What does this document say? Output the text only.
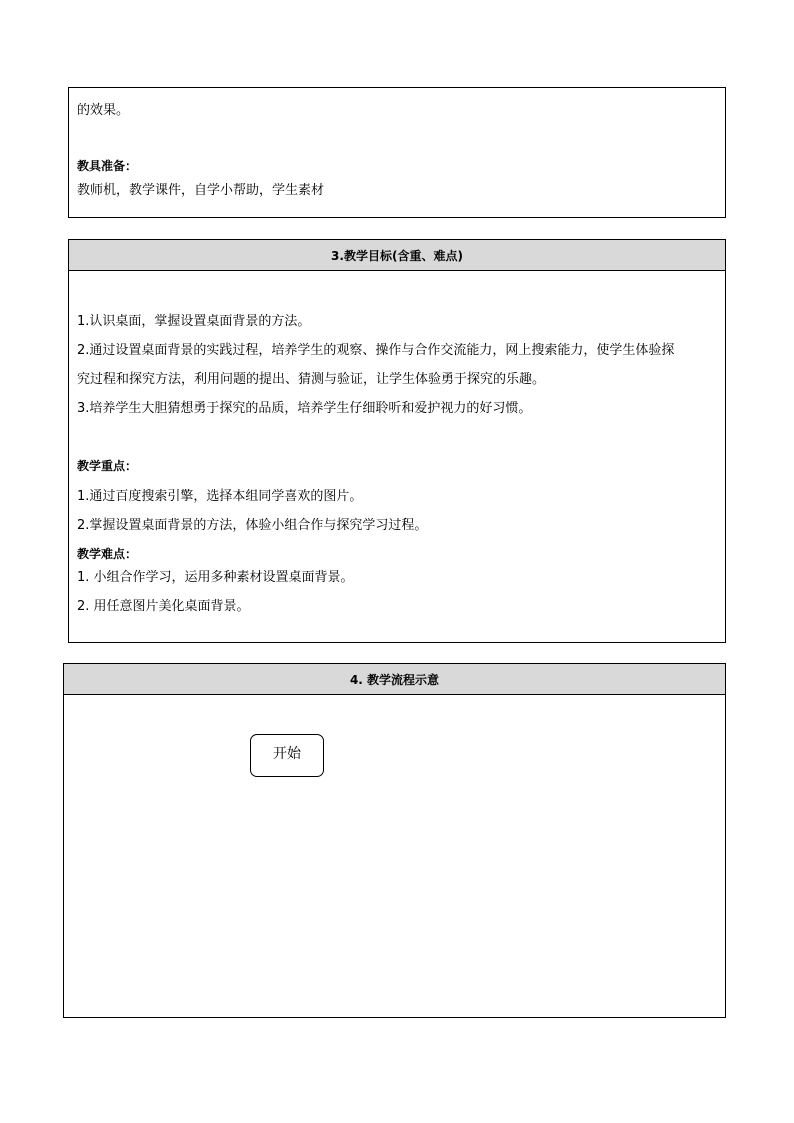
的效果。
教具准备：
教师机，教学课件，自学小帮助，学生素材
3.教学目标(含重、难点)
1.认识桌面，掌握设置桌面背景的方法。
2.通过设置桌面背景的实践过程，培养学生的观察、操作与合作交流能力，网上搜索能力，使学生体验探
究过程和探究方法，利用问题的提出、猜测与验证，让学生体验勇于探究的乐趣。
3.培养学生大胆猜想勇于探究的品质，培养学生仔细聆听和爱护视力的好习惯。
教学重点：
1.通过百度搜索引擎，选择本组同学喜欢的图片。
2.掌握设置桌面背景的方法，体验小组合作与探究学习过程。
教学难点：
1. 小组合作学习，运用多种素材设置桌面背景。
2. 用任意图片美化桌面背景。
4. 教学流程示意
开始
